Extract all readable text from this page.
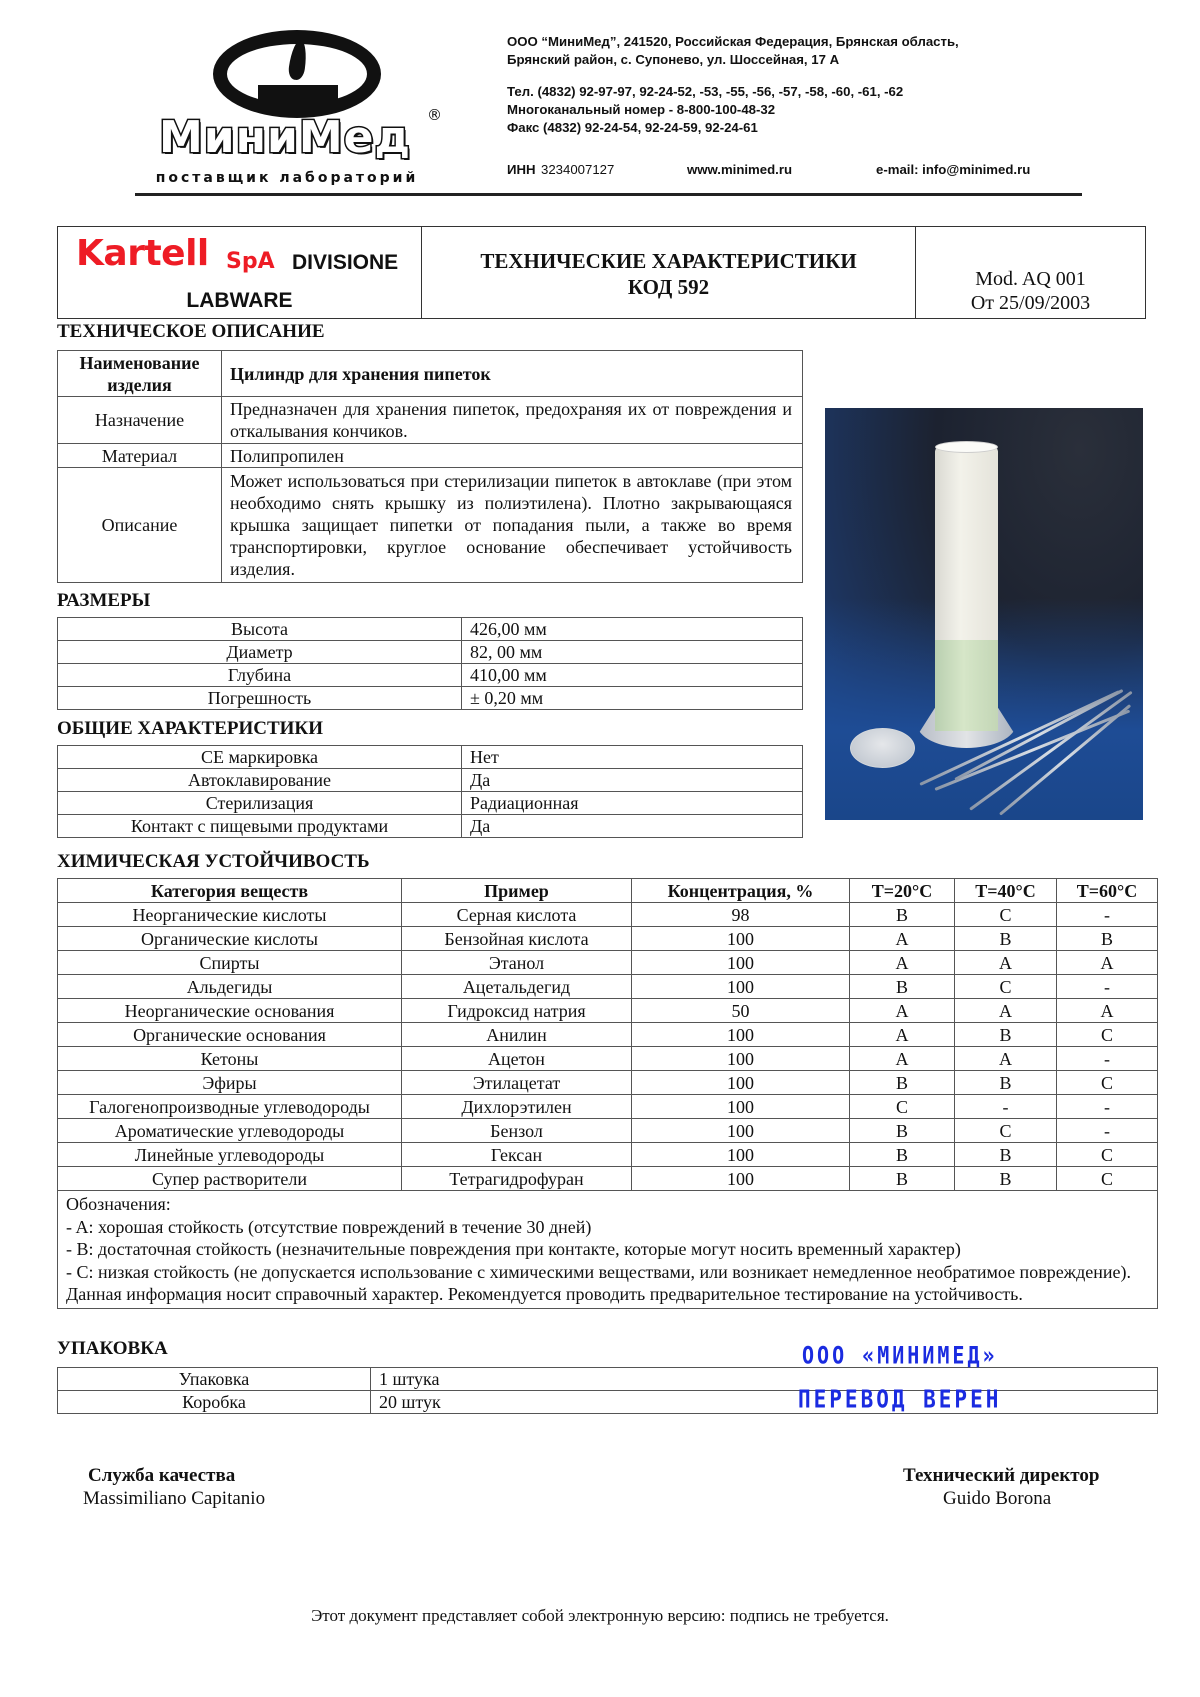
МиниМед	®
поставщик лабораторий
ООО “МиниМед”, 241520, Российская Федерация, Брянская область,
Брянский район, с. Супонево, ул. Шоссейная, 17 А
Тел. (4832) 92-97-97, 92-24-52, -53, -55, -56, -57, -58, -60, -61, -62
Многоканальный номер - 8-800-100-48-32
Факс (4832) 92-24-54, 92-24-59, 92-24-61
ИНН 3234007127	www.minimed.ru	e-mail: info@minimed.ru
Kartell SpA DIVISIONE
LABWARE
ТЕХНИЧЕСКИЕ ХАРАКТЕРИСТИКИ
КОД 592	Mod. AQ 001
От 25/09/2003
ТЕХНИЧЕСКОЕ ОПИСАНИЕ
Наименование изделия	Цилиндр для хранения пипеток
Назначение	Предназначен для хранения пипеток, предохраняя их от повреждения и откалывания кончиков.
Материал	Полипропилен
Описание	Может использоваться при стерилизации пипеток в автоклаве (при этом необходимо снять крышку из полиэтилена). Плотно закрывающаяся крышка защищает пипетки от попадания пыли, а также во время транспортировки, круглое основание обеспечивает устойчивость изделия.
РАЗМЕРЫ
Высота	426,00 мм
Диаметр	82, 00 мм
Глубина	410,00 мм
Погрешность	± 0,20 мм
ОБЩИЕ ХАРАКТЕРИСТИКИ
СЕ маркировка	Нет
Автоклавирование	Да
Стерилизация	Радиационная
Контакт с пищевыми продуктами	Да
ХИМИЧЕСКАЯ УСТОЙЧИВОСТЬ
Категория веществ	Пример	Концентрация, %	T=20°C	T=40°C	T=60°C
Неорганические кислоты	Серная кислота	98	B	C	-
Органические кислоты	Бензойная кислота	100	A	B	B
Спирты	Этанол	100	A	A	A
Альдегиды	Ацетальдегид	100	B	C	-
Неорганические основания	Гидроксид натрия	50	A	A	A
Органические основания	Анилин	100	A	B	C
Кетоны	Ацетон	100	A	A	-
Эфиры	Этилацетат	100	B	B	C
Галогенопроизводные углеводороды	Дихлорэтилен	100	C	-	-
Ароматические углеводороды	Бензол	100	B	C	-
Линейные углеводороды	Гексан	100	B	B	C
Супер растворители	Тетрагидрофуран	100	B	B	C

Обозначения:
- A: хорошая стойкость (отсутствие повреждений в течение 30 дней)
- B: достаточная стойкость (незначительные повреждения при контакте, которые могут носить временный характер)
- C: низкая стойкость (не допускается использование с химическими веществами, или возникает немедленное необратимое повреждение).
Данная информация носит справочный характер. Рекомендуется проводить предварительное тестирование на устойчивость.					
УПАКОВКА
Упаковка	1 штука
Коробка	20 штук
ООО «МИНИМЕД»
ПЕРЕВОД ВЕРЕН
Служба качества
Massimiliano Capitanio
Технический директор
Guido Borona
Этот документ представляет собой электронную версию: подпись не требуется.
